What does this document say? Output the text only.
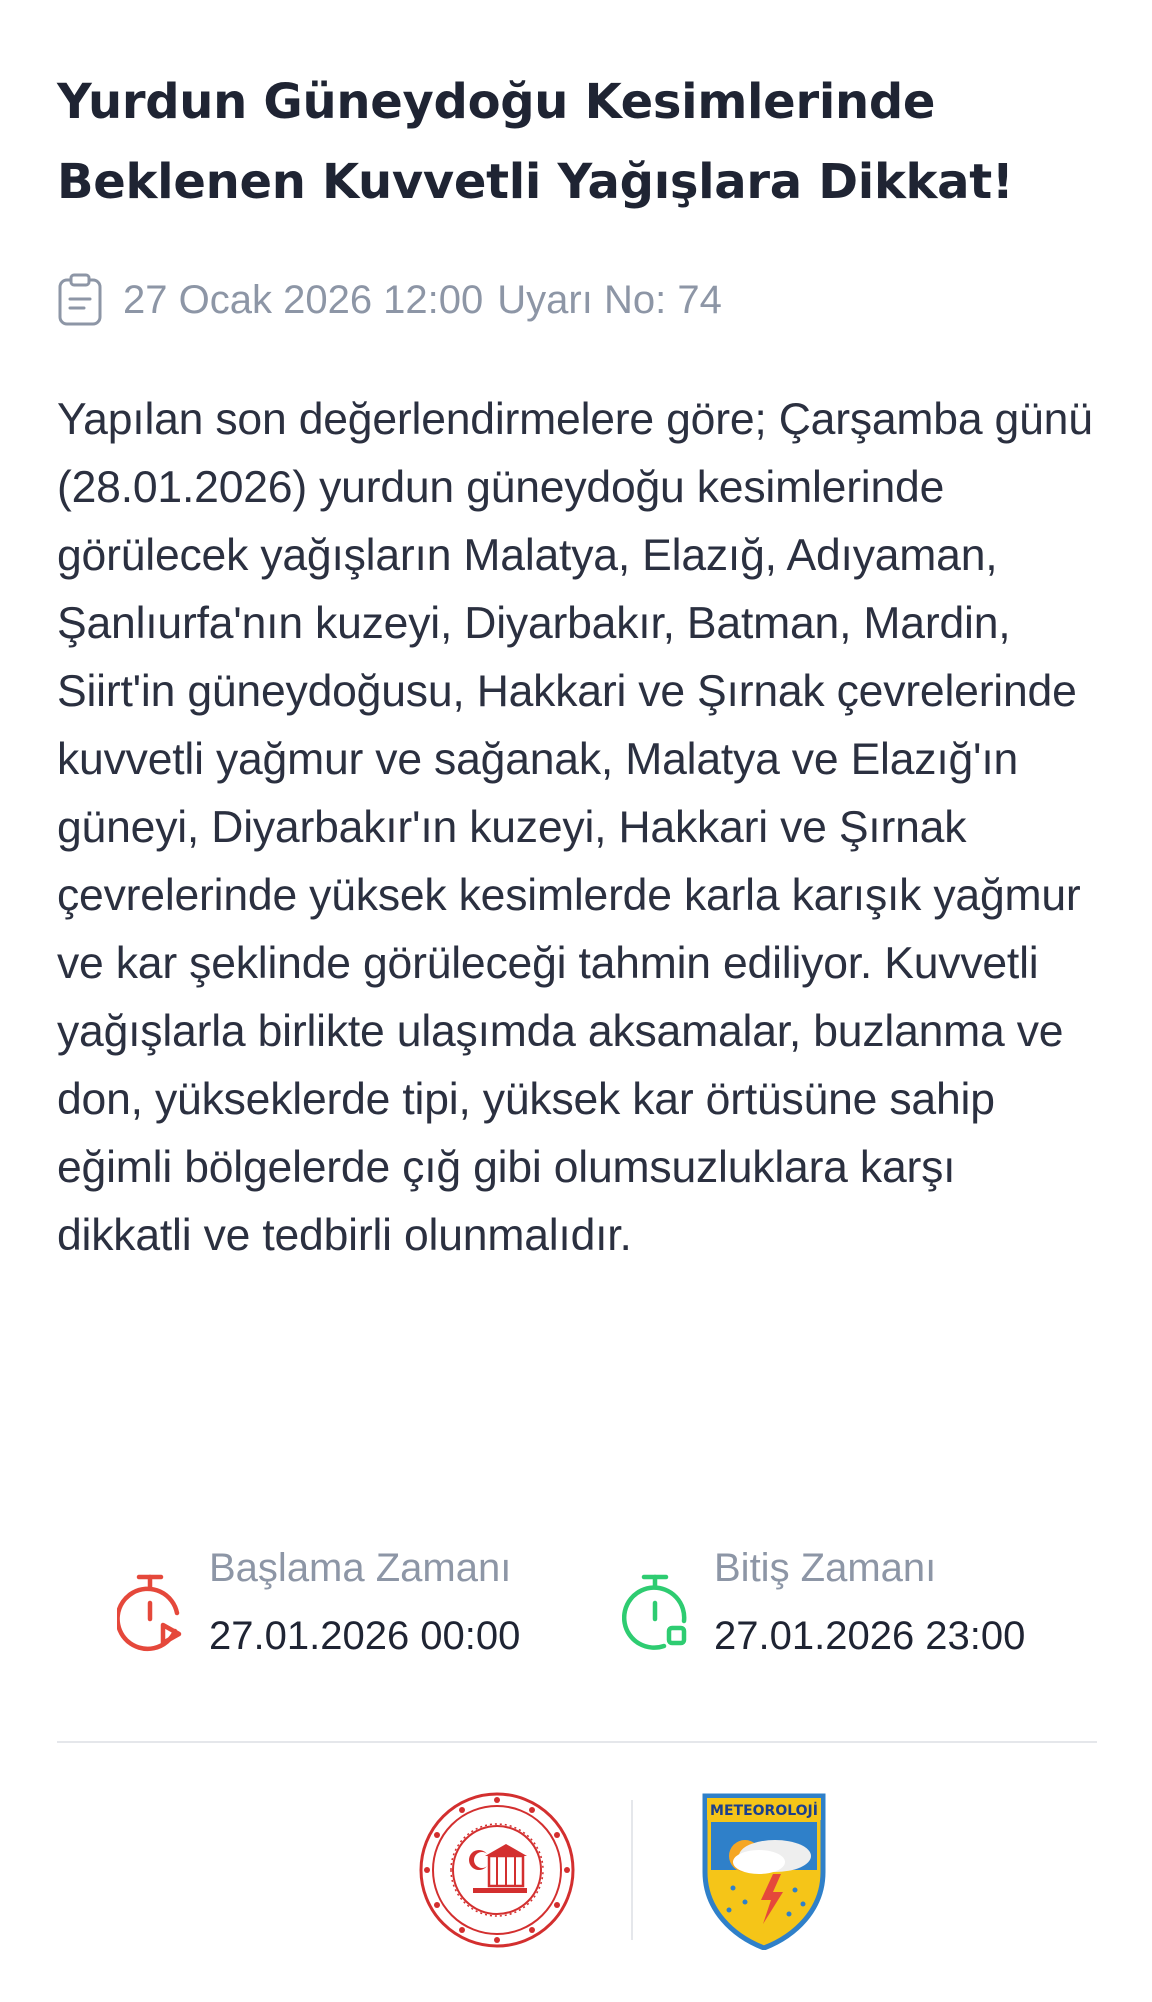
Yurdun Güneydoğu Kesimlerinde Beklenen Kuvvetli Yağışlara Dikkat!
27 Ocak 2026 12:00 Uyarı No: 74

Yapılan son değerlendirmelere göre; Çarşamba günü (28.01.2026) yurdun güneydoğu kesimlerinde görülecek yağışların Malatya, Elazığ, Adıyaman, Şanlıurfa'nın kuzeyi, Diyarbakır, Batman, Mardin, Siirt'in güneydoğusu, Hakkari ve Şırnak çevrelerinde kuvvetli yağmur ve sağanak, Malatya ve Elazığ'ın güneyi, Diyarbakır'ın kuzeyi, Hakkari ve Şırnak çevrelerinde yüksek kesimlerde karla karışık yağmur ve kar şeklinde görüleceği tahmin ediliyor. Kuvvetli yağışlarla birlikte ulaşımda aksamalar, buzlanma ve don, yükseklerde tipi, yüksek kar örtüsüne sahip eğimli bölgelerde çığ gibi olumsuzluklara karşı dikkatli ve tedbirli olunmalıdır.

Başlama Zamanı
27.01.2026 00:00
Bitiş Zamanı
27.01.2026 23:00
METEOROLOJİ
